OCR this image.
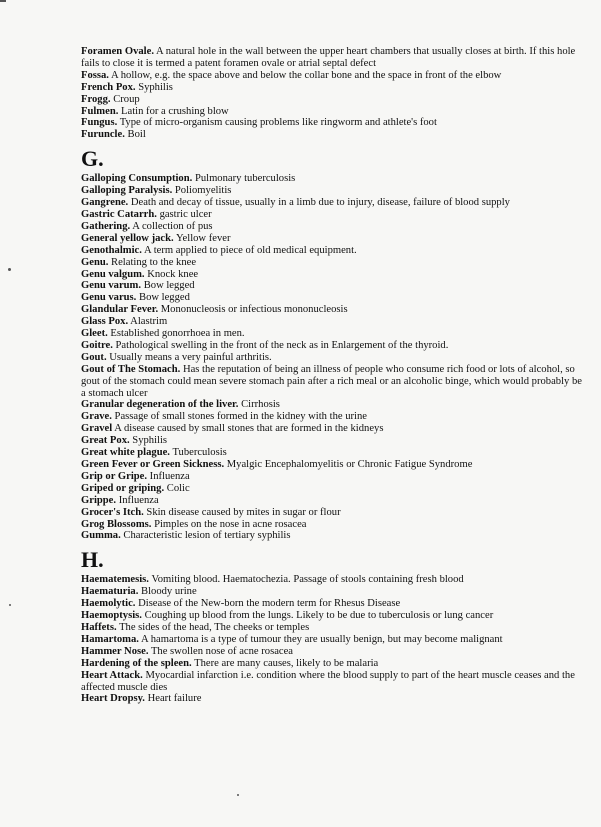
Foramen Ovale. A natural hole in the wall between the upper heart chambers that usually closes at birth. If this hole fails to close it is termed a patent foramen ovale or atrial septal defect

Fossa. A hollow, e.g. the space above and below the collar bone and the space in front of the elbow

French Pox. Syphilis

Frogg. Croup

Fulmen. Latin for a crushing blow

Fungus. Type of micro-organism causing problems like ringworm and athlete's foot

Furuncle. Boil

G.

Galloping Consumption. Pulmonary tuberculosis

Galloping Paralysis. Poliomyelitis

Gangrene. Death and decay of tissue, usually in a limb due to injury, disease, failure of blood supply

Gastric Catarrh. gastric ulcer

Gathering. A collection of pus

General yellow jack. Yellow fever

Genothalmic. A term applied to piece of old medical equipment.

Genu. Relating to the knee

Genu valgum. Knock knee

Genu varum. Bow legged

Genu varus. Bow legged

Glandular Fever. Mononucleosis or infectious mononucleosis

Glass Pox. Alastrim

Gleet. Established gonorrhoea in men.

Goitre. Pathological swelling in the front of the neck as in Enlargement of the thyroid.

Gout. Usually means a very painful arthritis.

Gout of The Stomach. Has the reputation of being an illness of people who consume rich food or lots of alcohol, so gout of the stomach could mean severe stomach pain after a rich meal or an alcoholic binge, which would probably be a stomach ulcer

Granular degeneration of the liver. Cirrhosis

Grave. Passage of small stones formed in the kidney with the urine

Gravel A disease caused by small stones that are formed in the kidneys

Great Pox. Syphilis

Great white plague. Tuberculosis

Green Fever or Green Sickness. Myalgic Encephalomyelitis or Chronic Fatigue Syndrome

Grip or Gripe. Influenza

Griped or griping. Colic

Grippe. Influenza

Grocer's Itch. Skin disease caused by mites in sugar or flour

Grog Blossoms. Pimples on the nose in acne rosacea

Gumma. Characteristic lesion of tertiary syphilis

H.

Haematemesis. Vomiting blood. Haematochezia. Passage of stools containing fresh blood

Haematuria. Bloody urine

Haemolytic. Disease of the New-born the modern term for Rhesus Disease

Haemoptysis. Coughing up blood from the lungs. Likely to be due to tuberculosis or lung cancer

Haffets. The sides of the head, The cheeks or temples

Hamartoma. A hamartoma is a type of tumour they are usually benign, but may become malignant

Hammer Nose. The swollen nose of acne rosacea

Hardening of the spleen. There are many causes, likely to be malaria

Heart Attack. Myocardial infarction i.e. condition where the blood supply to part of the heart muscle ceases and the affected muscle dies

Heart Dropsy. Heart failure
